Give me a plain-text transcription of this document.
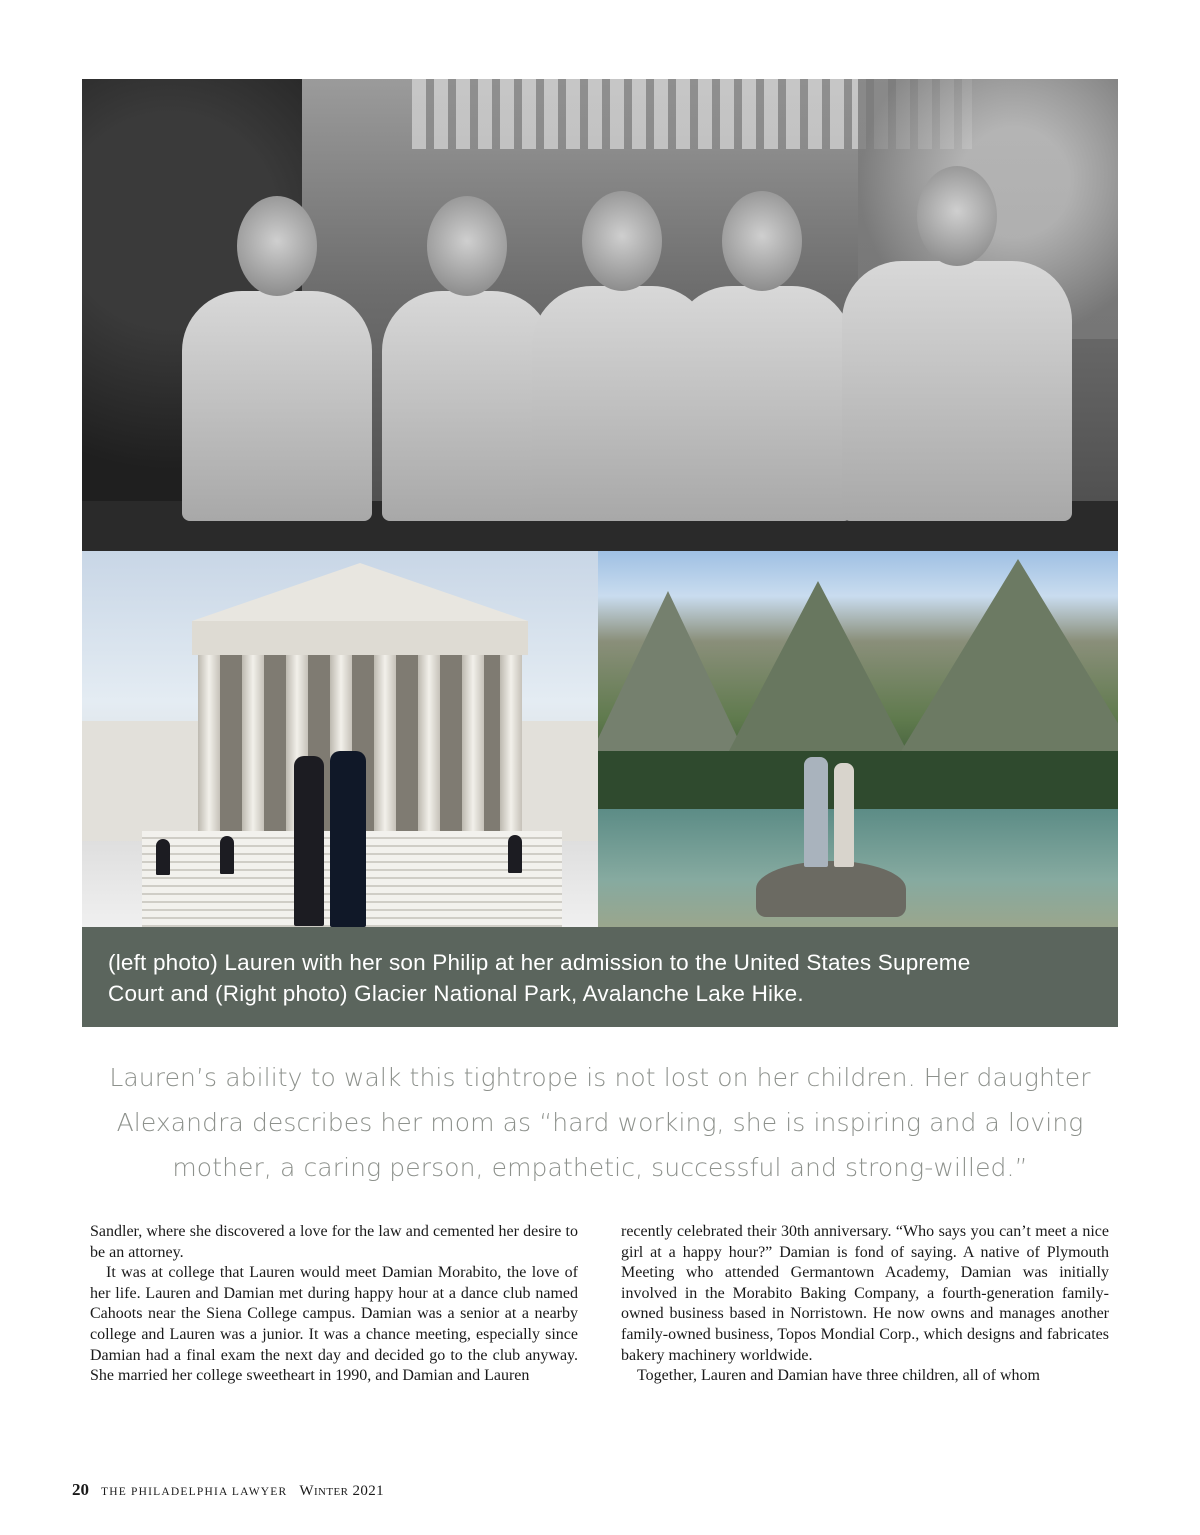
(left photo) Lauren with her son Philip at her admission to the United States Supreme
Court and (Right photo) Glacier National Park, Avalanche Lake Hike.
Lauren’s ability to walk this tightrope is not lost on her children. Her daughter
Alexandra describes her mom as “hard working, she is inspiring and a loving
mother, a caring person, empathetic, successful and strong-willed.”

Sandler, where she discovered a love for the law and cemented her desire to be an attorney.

It was at college that Lauren would meet Damian Morabito, the love of her life. Lauren and Damian met during happy hour at a dance club named Cahoots near the Siena College campus. Damian was a senior at a nearby college and Lauren was a junior. It was a chance meeting, especially since Damian had a final exam the next day and decided go to the club anyway. She married her college sweetheart in 1990, and Damian and Lauren

recently celebrated their 30th anniversary. “Who says you can’t meet a nice girl at a happy hour?” Damian is fond of saying. A native of Plymouth Meeting who attended Germantown Academy, Damian was initially involved in the Morabito Baking Company, a fourth-generation family-owned business based in Norristown. He now owns and manages another family-owned business, Topos Mondial Corp., which designs and fabricates bakery machinery worldwide.

Together, Lauren and Damian have three children, all of whom

20 THE PHILADELPHIA LAWYER Winter 2021
